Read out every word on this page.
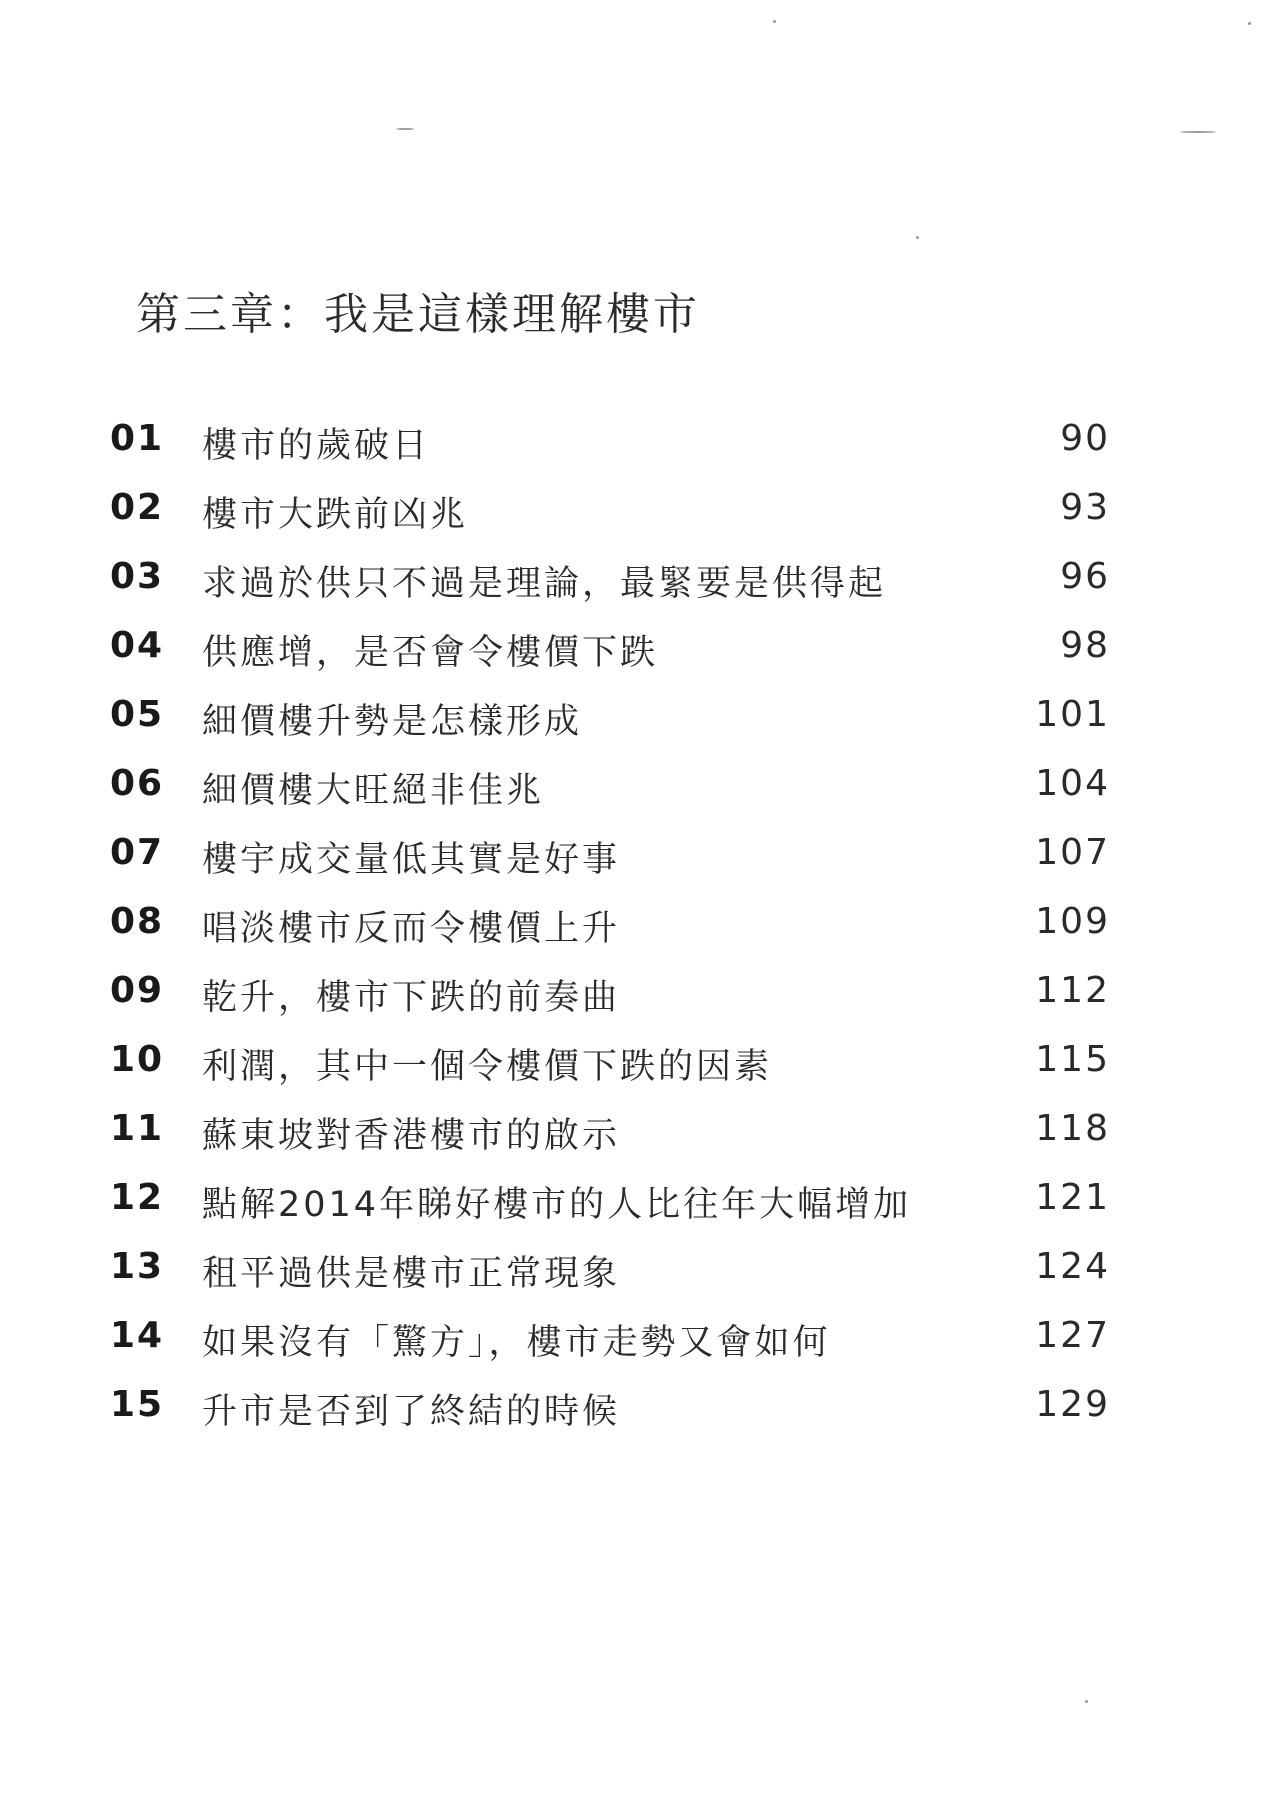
第三章：我是這樣理解樓市
01 樓市的歲破日	90
02 樓市大跌前凶兆	93
03 求過於供只不過是理論，最緊要是供得起	96
04 供應增，是否會令樓價下跌	98
05 細價樓升勢是怎樣形成	101
06 細價樓大旺絕非佳兆	104
07 樓宇成交量低其實是好事	107
08 唱淡樓市反而令樓價上升	109
09 乾升，樓市下跌的前奏曲	112
10 利潤，其中一個令樓價下跌的因素	115
11 蘇東坡對香港樓市的啟示	118
12 點解2014年睇好樓市的人比往年大幅增加	121
13 租平過供是樓市正常現象	124
14 如果沒有「驚方」，樓市走勢又會如何	127
15 升市是否到了終結的時候	129
